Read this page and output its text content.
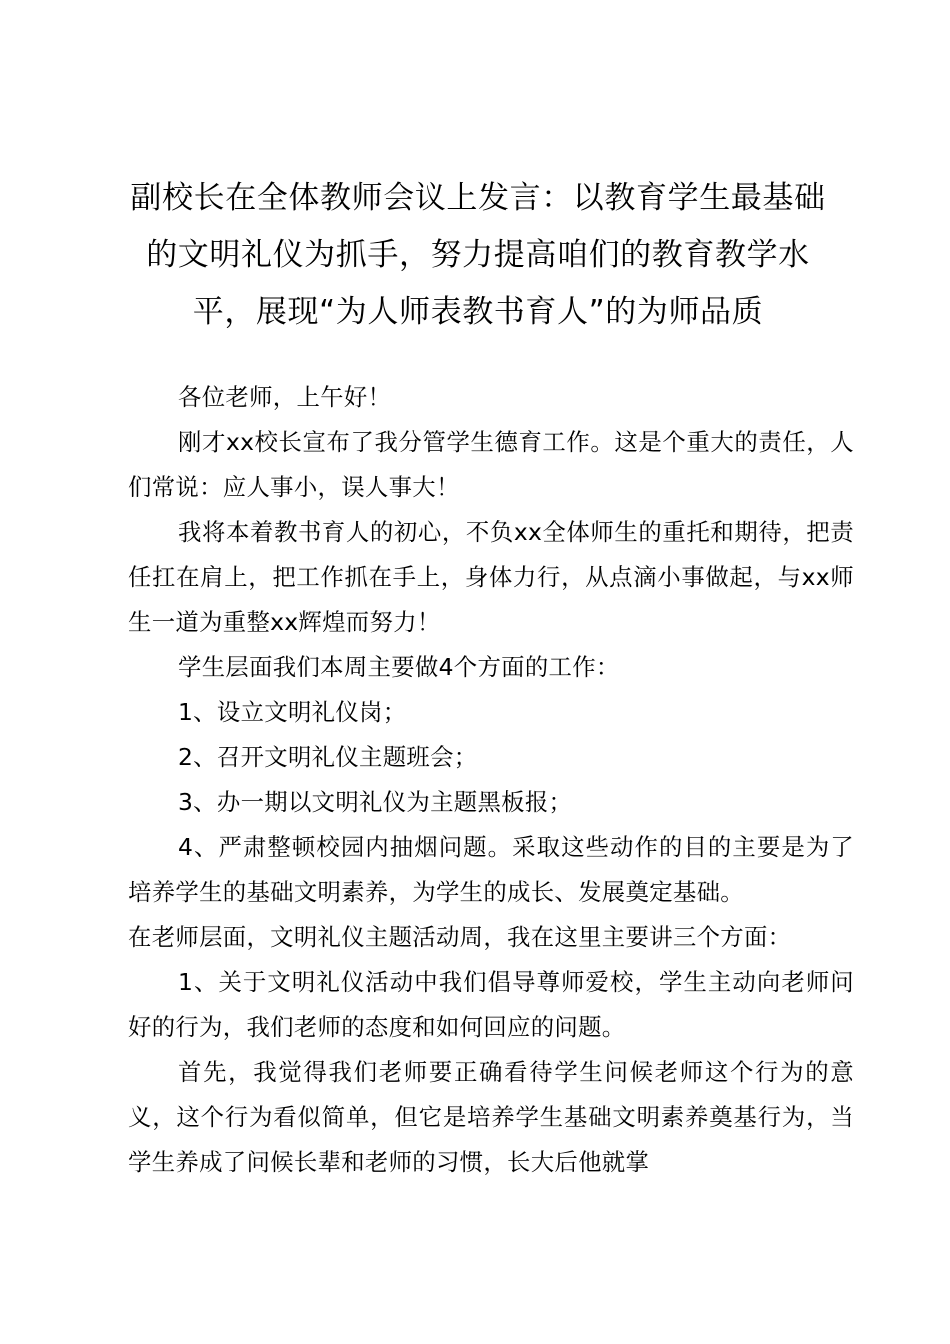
副校长在全体教师会议上发言：以教育学生最基础的文明礼仪为抓手，努力提高咱们的教育教学水平，展现“为人师表教书育人”的为师品质

各位老师，上午好！

刚才xx校长宣布了我分管学生德育工作。这是个重大的责任，人们常说：应人事小，误人事大！

我将本着教书育人的初心，不负xx全体师生的重托和期待，把责任扛在肩上，把工作抓在手上，身体力行，从点滴小事做起，与xx师生一道为重整xx辉煌而努力！

学生层面我们本周主要做4个方面的工作：

1、设立文明礼仪岗；

2、召开文明礼仪主题班会；

3、办一期以文明礼仪为主题黑板报；

4、严肃整顿校园内抽烟问题。采取这些动作的目的主要是为了培养学生的基础文明素养，为学生的成长、发展奠定基础。

在老师层面，文明礼仪主题活动周，我在这里主要讲三个方面：

1、关于文明礼仪活动中我们倡导尊师爱校，学生主动向老师问好的行为，我们老师的态度和如何回应的问题。

首先，我觉得我们老师要正确看待学生问候老师这个行为的意义，这个行为看似简单，但它是培养学生基础文明素养奠基行为，当学生养成了问候长辈和老师的习惯，长大后他就掌
